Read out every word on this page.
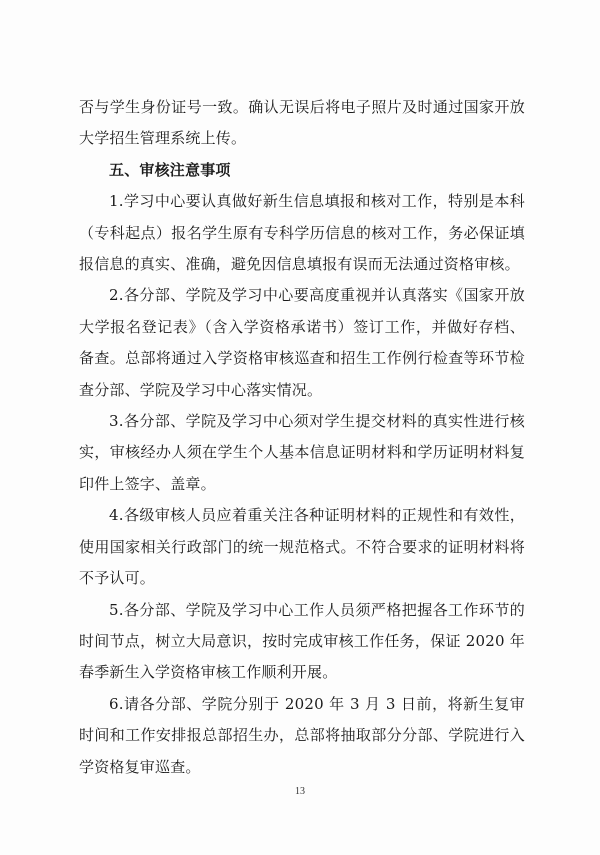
否与学生身份证号一致。确认无误后将电子照片及时通过国家开放大学招生管理系统上传。

五、审核注意事项

1.学习中心要认真做好新生信息填报和核对工作，特别是本科（专科起点）报名学生原有专科学历信息的核对工作，务必保证填报信息的真实、准确，避免因信息填报有误而无法通过资格审核。

2.各分部、学院及学习中心要高度重视并认真落实《国家开放大学报名登记表》（含入学资格承诺书）签订工作，并做好存档、备查。总部将通过入学资格审核巡查和招生工作例行检查等环节检查分部、学院及学习中心落实情况。

3.各分部、学院及学习中心须对学生提交材料的真实性进行核实，审核经办人须在学生个人基本信息证明材料和学历证明材料复印件上签字、盖章。

4.各级审核人员应着重关注各种证明材料的正规性和有效性，使用国家相关行政部门的统一规范格式。不符合要求的证明材料将不予认可。

5.各分部、学院及学习中心工作人员须严格把握各工作环节的时间节点，树立大局意识，按时完成审核工作任务，保证 2020 年春季新生入学资格审核工作顺利开展。

6.请各分部、学院分别于 2020 年 3 月 3 日前，将新生复审时间和工作安排报总部招生办，总部将抽取部分分部、学院进行入学资格复审巡查。

13
